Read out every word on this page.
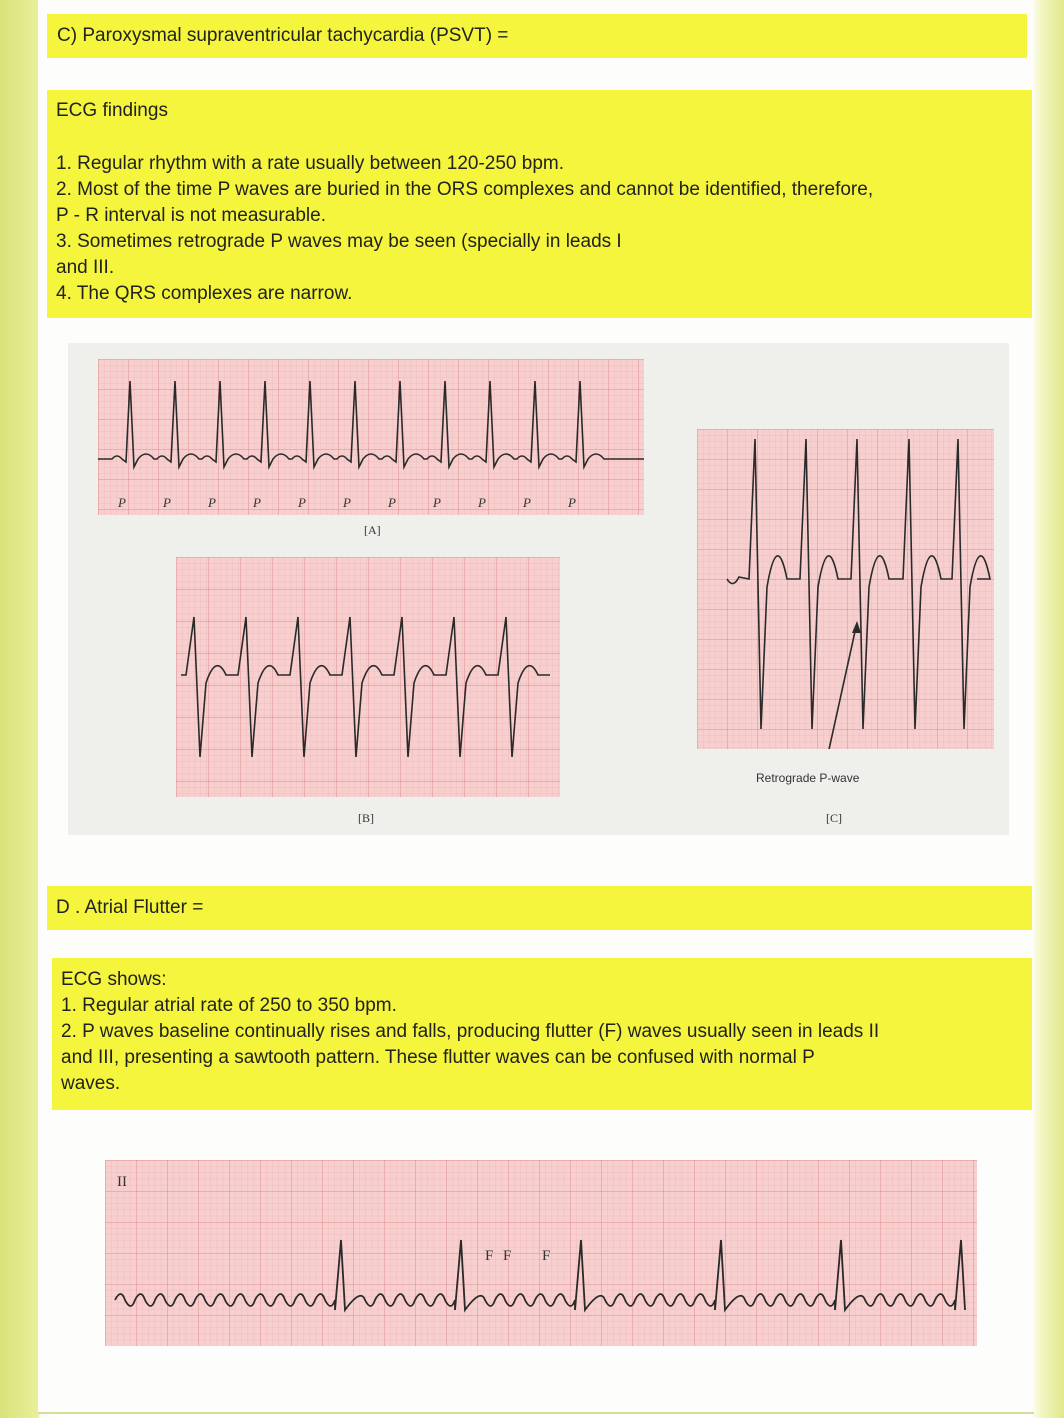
C) Paroxysmal supraventricular tachycardia (PSVT) =

ECG findings

1. Regular rhythm with a rate usually between 120-250 bpm.

2. Most of the time P waves are buried in the ORS complexes and cannot be identified, therefore,

P - R interval is not measurable.

3. Sometimes retrograde P waves may be seen (specially in leads I

and III.

4. The QRS complexes are narrow.

P	P	P	P	P	P	P	P	P	P	P
[A]
[B]
Retrograde P-wave
[C]

D . Atrial Flutter =

ECG shows:

1. Regular atrial rate of 250 to 350 bpm.

2. P waves baseline continually rises and falls, producing flutter (F) waves usually seen in leads II

and III, presenting a sawtooth pattern. These flutter waves can be confused with normal P

waves.

II
F F F
